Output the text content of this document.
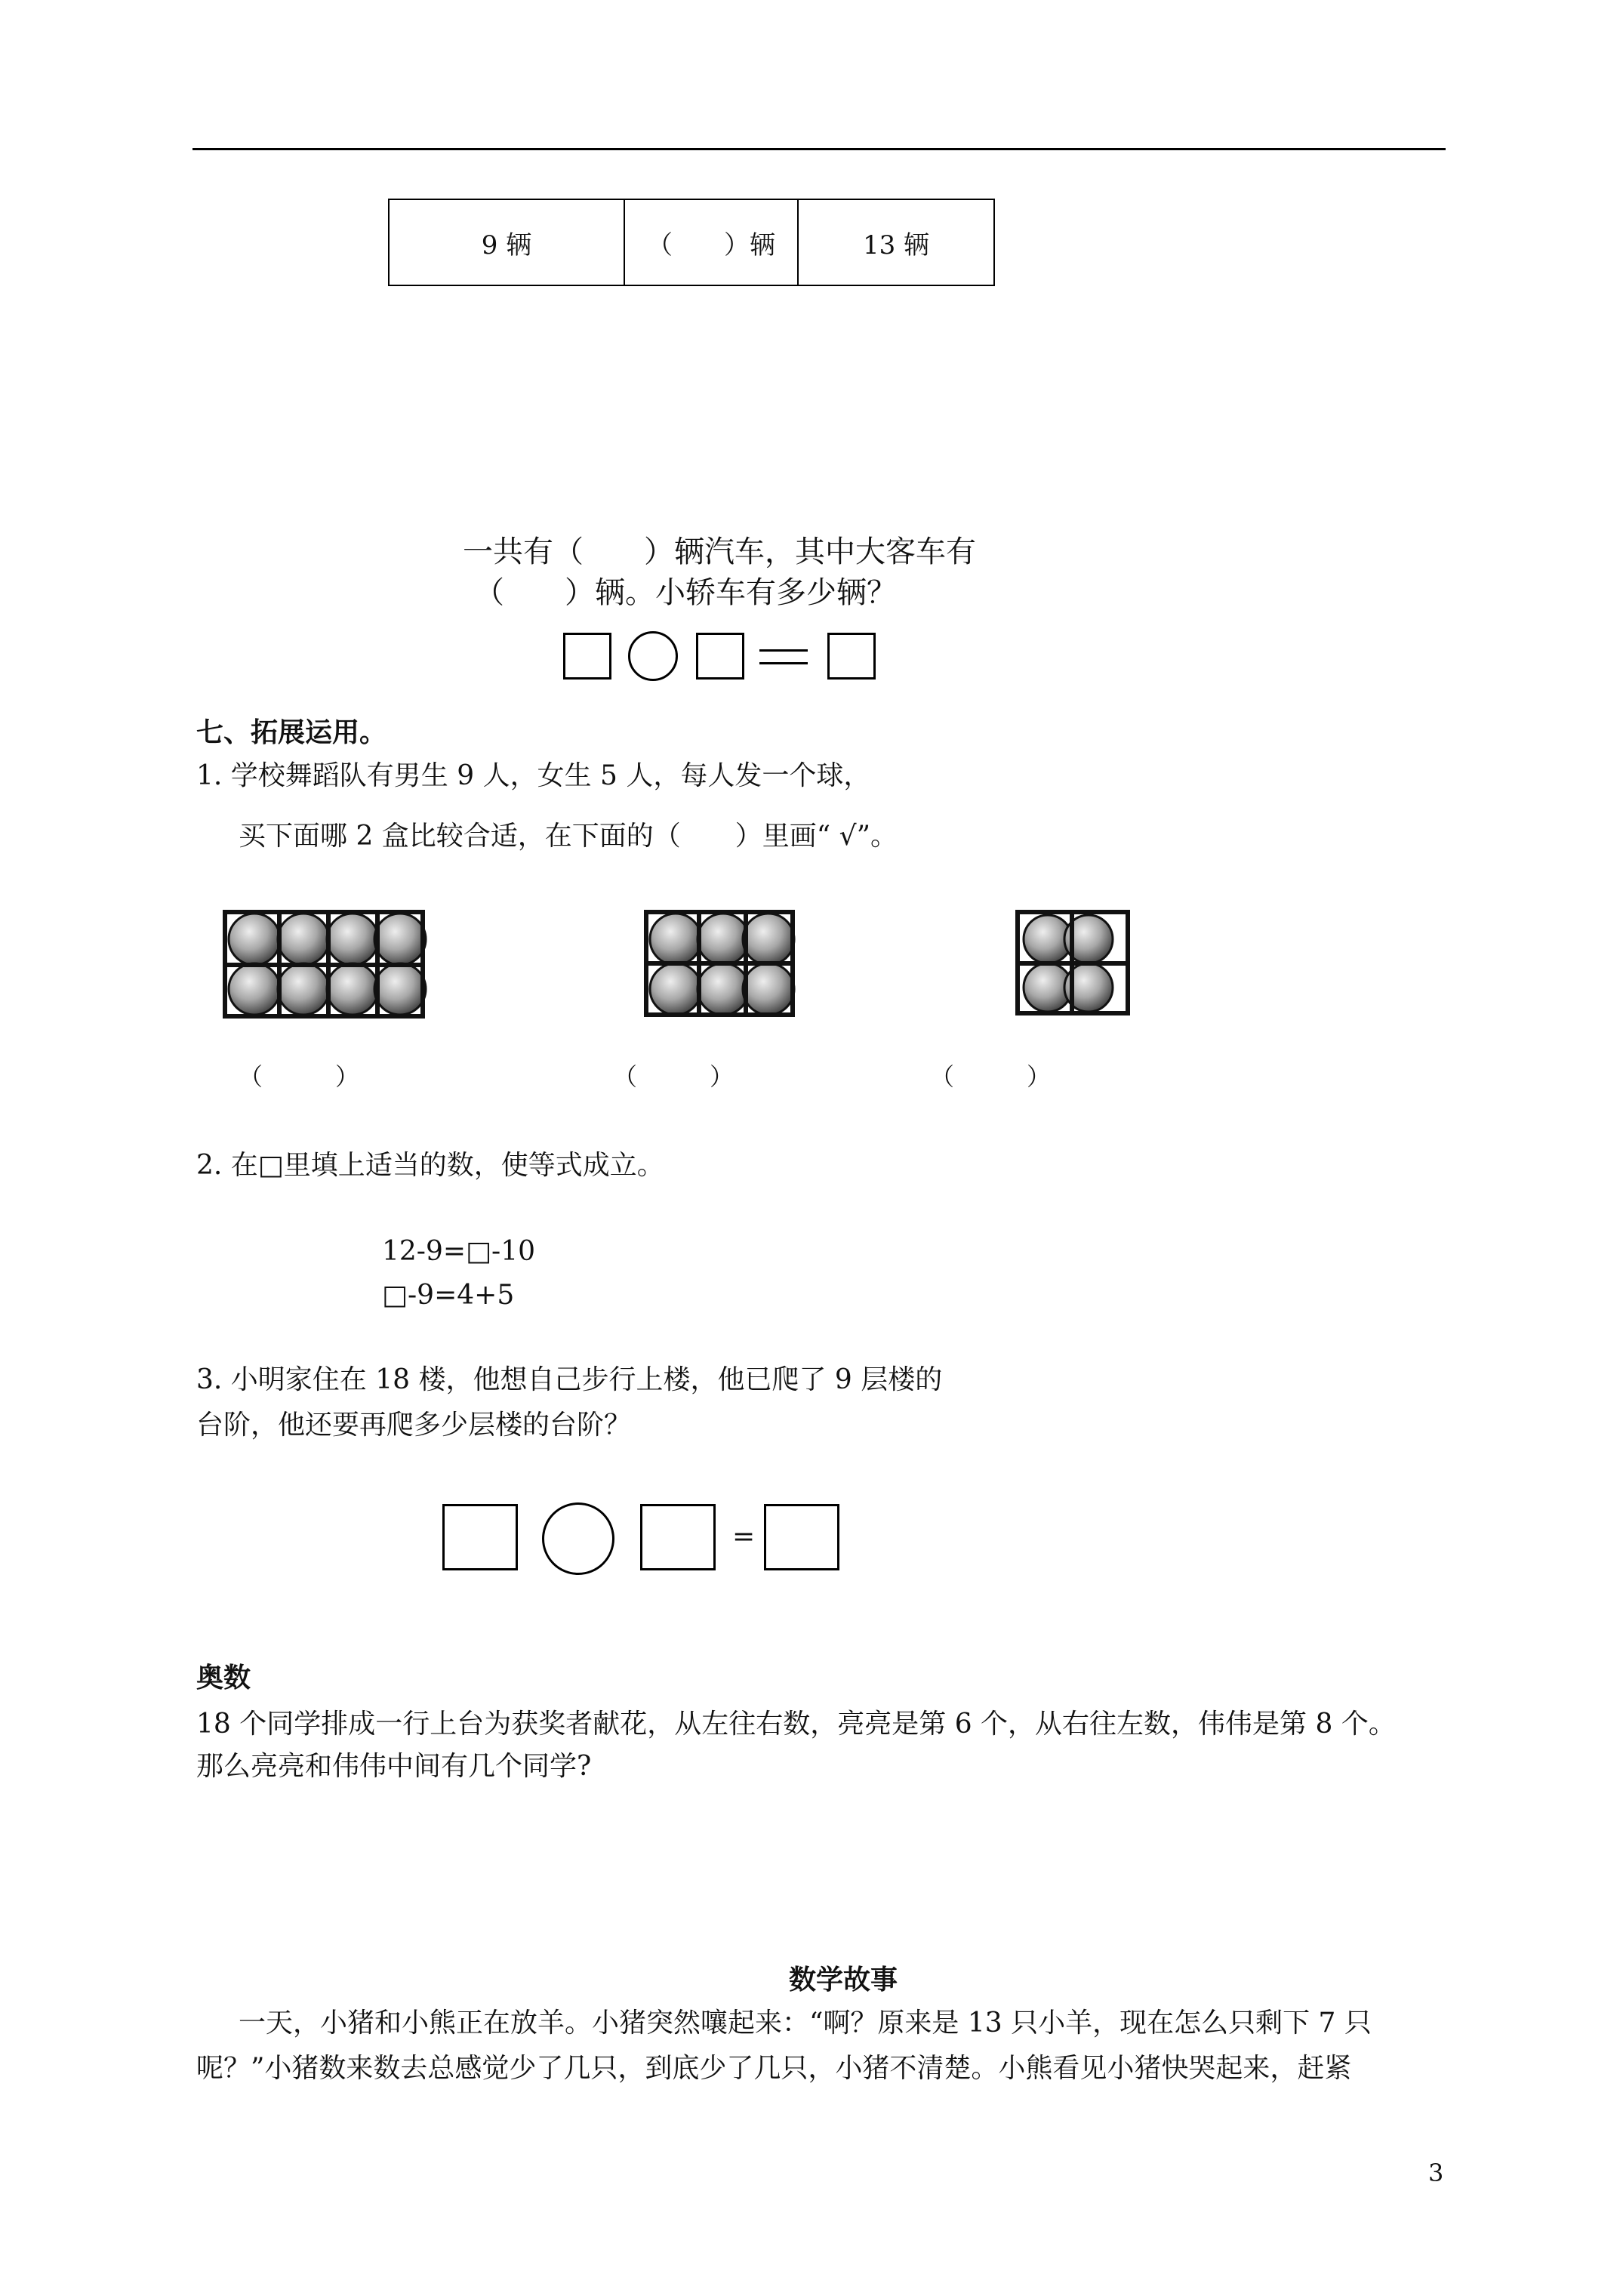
9 辆	（　　）辆	13 辆
一共有（　　）辆汽车，其中大客车有
（　　）辆。小轿车有多少辆？
七、拓展运用。
1. 学校舞蹈队有男生 9 人，女生 5 人，每人发一个球，
买下面哪 2 盒比较合适，在下面的（　　）里画“ √”。
（　　　）	（　　　）	（　　　）
2. 在□里填上适当的数，使等式成立。
12-9=□-10
□-9=4+5
3. 小明家住在 18 楼，他想自己步行上楼，他已爬了 9 层楼的
台阶，他还要再爬多少层楼的台阶？
=
奥数
18 个同学排成一行上台为获奖者献花，从左往右数，亮亮是第 6 个，从右往左数，伟伟是第 8 个。
那么亮亮和伟伟中间有几个同学?
数学故事
一天，小猪和小熊正在放羊。小猪突然嚷起来：“啊？原来是 13 只小羊，现在怎么只剩下 7 只
呢？”小猪数来数去总感觉少了几只，到底少了几只，小猪不清楚。小熊看见小猪快哭起来，赶紧
3
